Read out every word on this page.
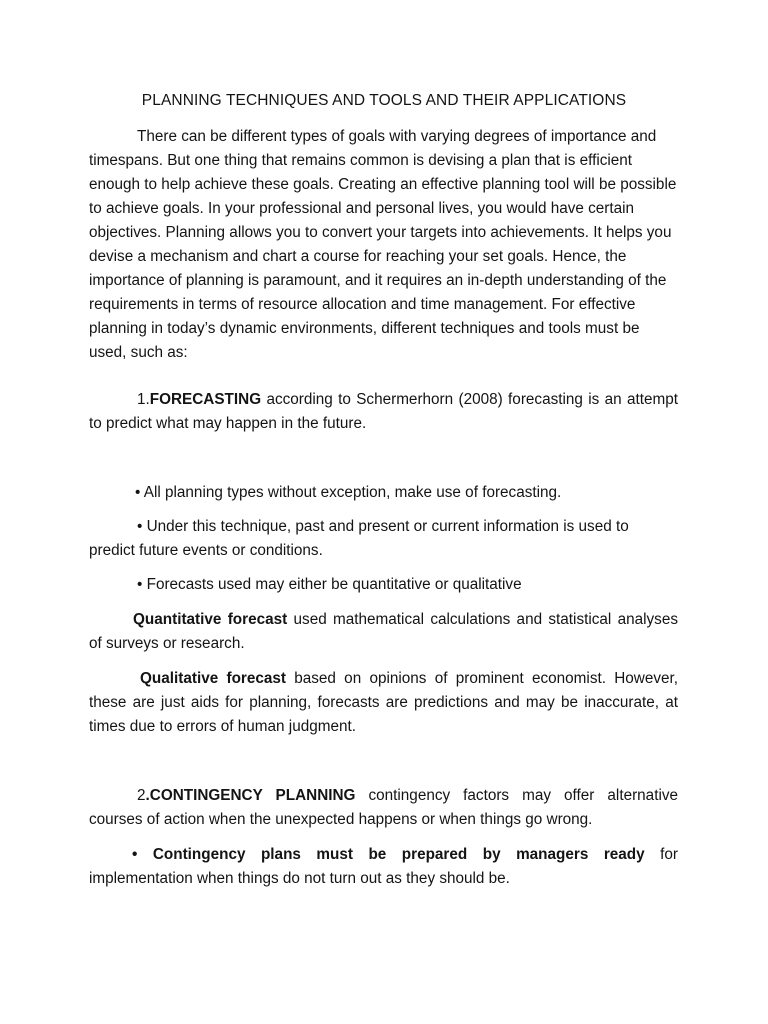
PLANNING TECHNIQUES AND TOOLS AND THEIR APPLICATIONS

There can be different types of goals with varying degrees of importance and timespans. But one thing that remains common is devising a plan that is efficient enough to help achieve these goals. Creating an effective planning tool will be possible to achieve goals. In your professional and personal lives, you would have certain objectives. Planning allows you to convert your targets into achievements. It helps you devise a mechanism and chart a course for reaching your set goals. Hence, the importance of planning is paramount, and it requires an in-depth understanding of the requirements in terms of resource allocation and time management. For effective planning in today’s dynamic environments, different techniques and tools must be used, such as:

1.FORECASTING according to Schermerhorn (2008) forecasting is an attempt to predict what may happen in the future.

• All planning types without exception, make use of forecasting.

• Under this technique, past and present or current information is used to predict future events or conditions.

• Forecasts used may either be quantitative or qualitative

Quantitative forecast used mathematical calculations and statistical analyses of surveys or research.

Qualitative forecast based on opinions of prominent economist. However, these are just aids for planning, forecasts are predictions and may be inaccurate, at times due to errors of human judgment.

2.CONTINGENCY PLANNING contingency factors may offer alternative courses of action when the unexpected happens or when things go wrong.

• Contingency plans must be prepared by managers ready for implementation when things do not turn out as they should be.
